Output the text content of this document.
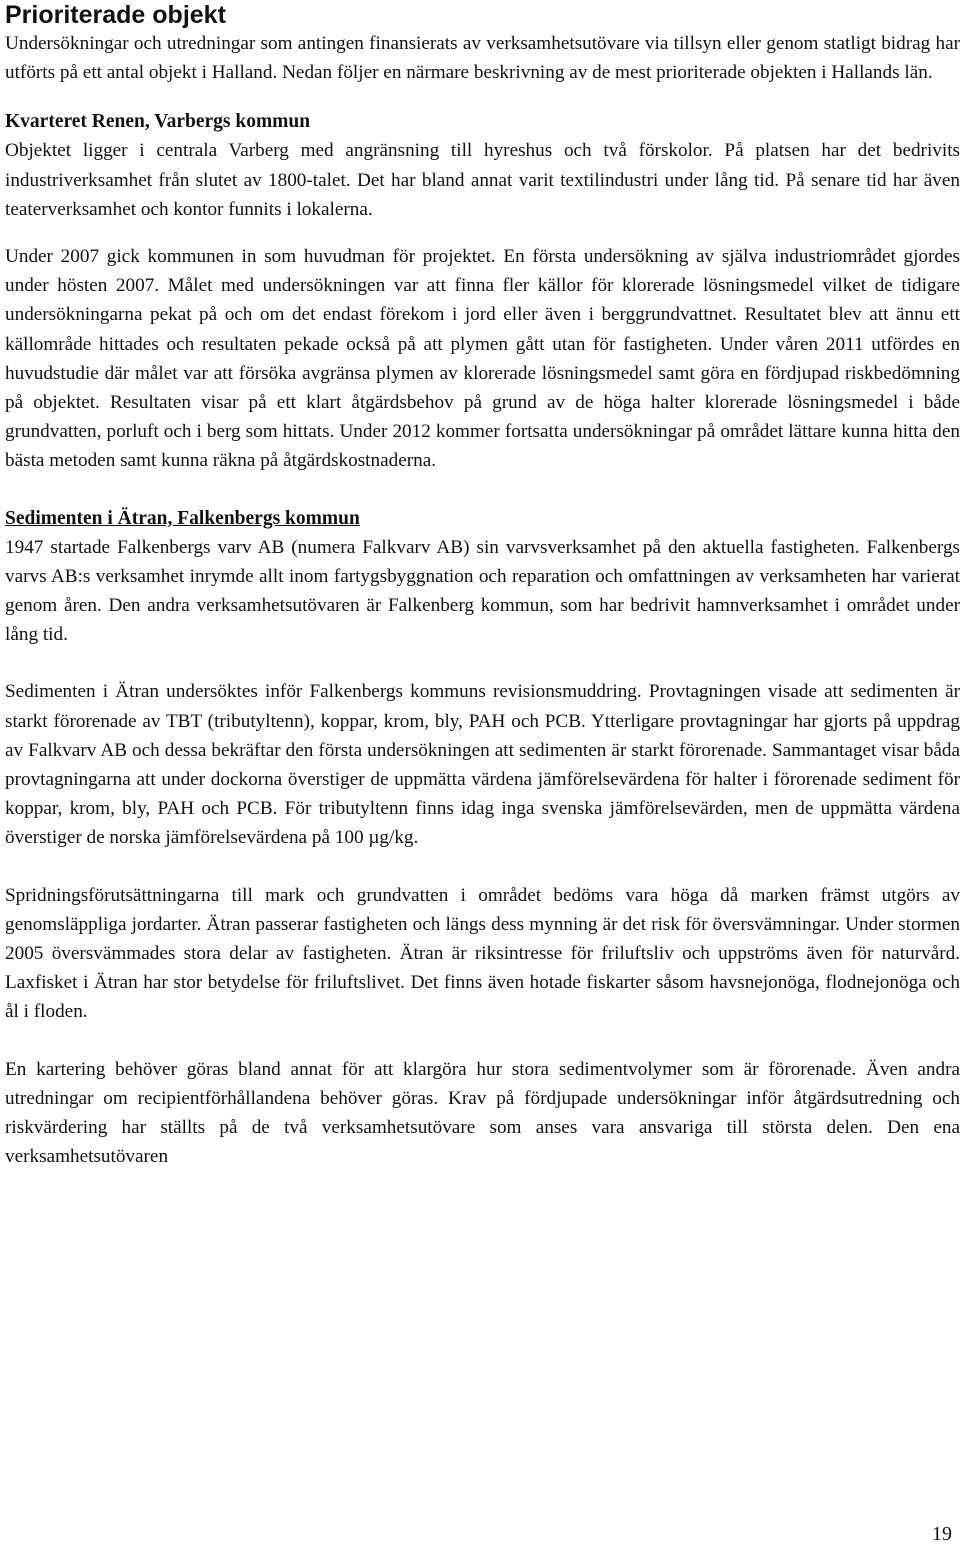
Prioriterade objekt

Undersökningar och utredningar som antingen finansierats av verksamhetsutövare via tillsyn eller genom statligt bidrag har utförts på ett antal objekt i Halland. Nedan följer en närmare beskrivning av de mest prioriterade objekten i Hallands län.

Kvarteret Renen, Varbergs kommun

Objektet ligger i centrala Varberg med angränsning till hyreshus och två förskolor. På platsen har det bedrivits industriverksamhet från slutet av 1800-talet. Det har bland annat varit textilindustri under lång tid. På senare tid har även teaterverksamhet och kontor funnits i lokalerna.

Under 2007 gick kommunen in som huvudman för projektet. En första undersökning av själva industriområdet gjordes under hösten 2007. Målet med undersökningen var att finna fler källor för klorerade lösningsmedel vilket de tidigare undersökningarna pekat på och om det endast förekom i jord eller även i berggrundvattnet. Resultatet blev att ännu ett källområde hittades och resultaten pekade också på att plymen gått utan för fastigheten. Under våren 2011 utfördes en huvudstudie där målet var att försöka avgränsa plymen av klorerade lösningsmedel samt göra en fördjupad riskbedömning på objektet. Resultaten visar på ett klart åtgärdsbehov på grund av de höga halter klorerade lösningsmedel i både grundvatten, porluft och i berg som hittats. Under 2012 kommer fortsatta undersökningar på området lättare kunna hitta den bästa metoden samt kunna räkna på åtgärdskostnaderna.

Sedimenten i Ätran, Falkenbergs kommun

1947 startade Falkenbergs varv AB (numera Falkvarv AB) sin varvsverksamhet på den aktuella fastigheten. Falkenbergs varvs AB:s verksamhet inrymde allt inom fartygsbyggnation och reparation och omfattningen av verksamheten har varierat genom åren. Den andra verksamhetsutövaren är Falkenberg kommun, som har bedrivit hamnverksamhet i området under lång tid.

Sedimenten i Ätran undersöktes inför Falkenbergs kommuns revisionsmuddring. Provtagningen visade att sedimenten är starkt förorenade av TBT (tributyltenn), koppar, krom, bly, PAH och PCB. Ytterligare provtagningar har gjorts på uppdrag av Falkvarv AB och dessa bekräftar den första undersökningen att sedimenten är starkt förorenade. Sammantaget visar båda provtagningarna att under dockorna överstiger de uppmätta värdena jämförelsevärdena för halter i förorenade sediment för koppar, krom, bly, PAH och PCB. För tributyltenn finns idag inga svenska jämförelsevärden, men de uppmätta värdena överstiger de norska jämförelsevärdena på 100 µg/kg.

Spridningsförutsättningarna till mark och grundvatten i området bedöms vara höga då marken främst utgörs av genomsläppliga jordarter. Ätran passerar fastigheten och längs dess mynning är det risk för översvämningar. Under stormen 2005 översvämmades stora delar av fastigheten. Ätran är riksintresse för friluftsliv och uppströms även för naturvård. Laxfisket i Ätran har stor betydelse för friluftslivet. Det finns även hotade fiskarter såsom havsnejonöga, flodnejonöga och ål i floden.

En kartering behöver göras bland annat för att klargöra hur stora sedimentvolymer som är förorenade. Även andra utredningar om recipientförhållandena behöver göras. Krav på fördjupade undersökningar inför åtgärdsutredning och riskvärdering har ställts på de två verksamhetsutövare som anses vara ansvariga till största delen. Den ena verksamhetsutövaren

19
